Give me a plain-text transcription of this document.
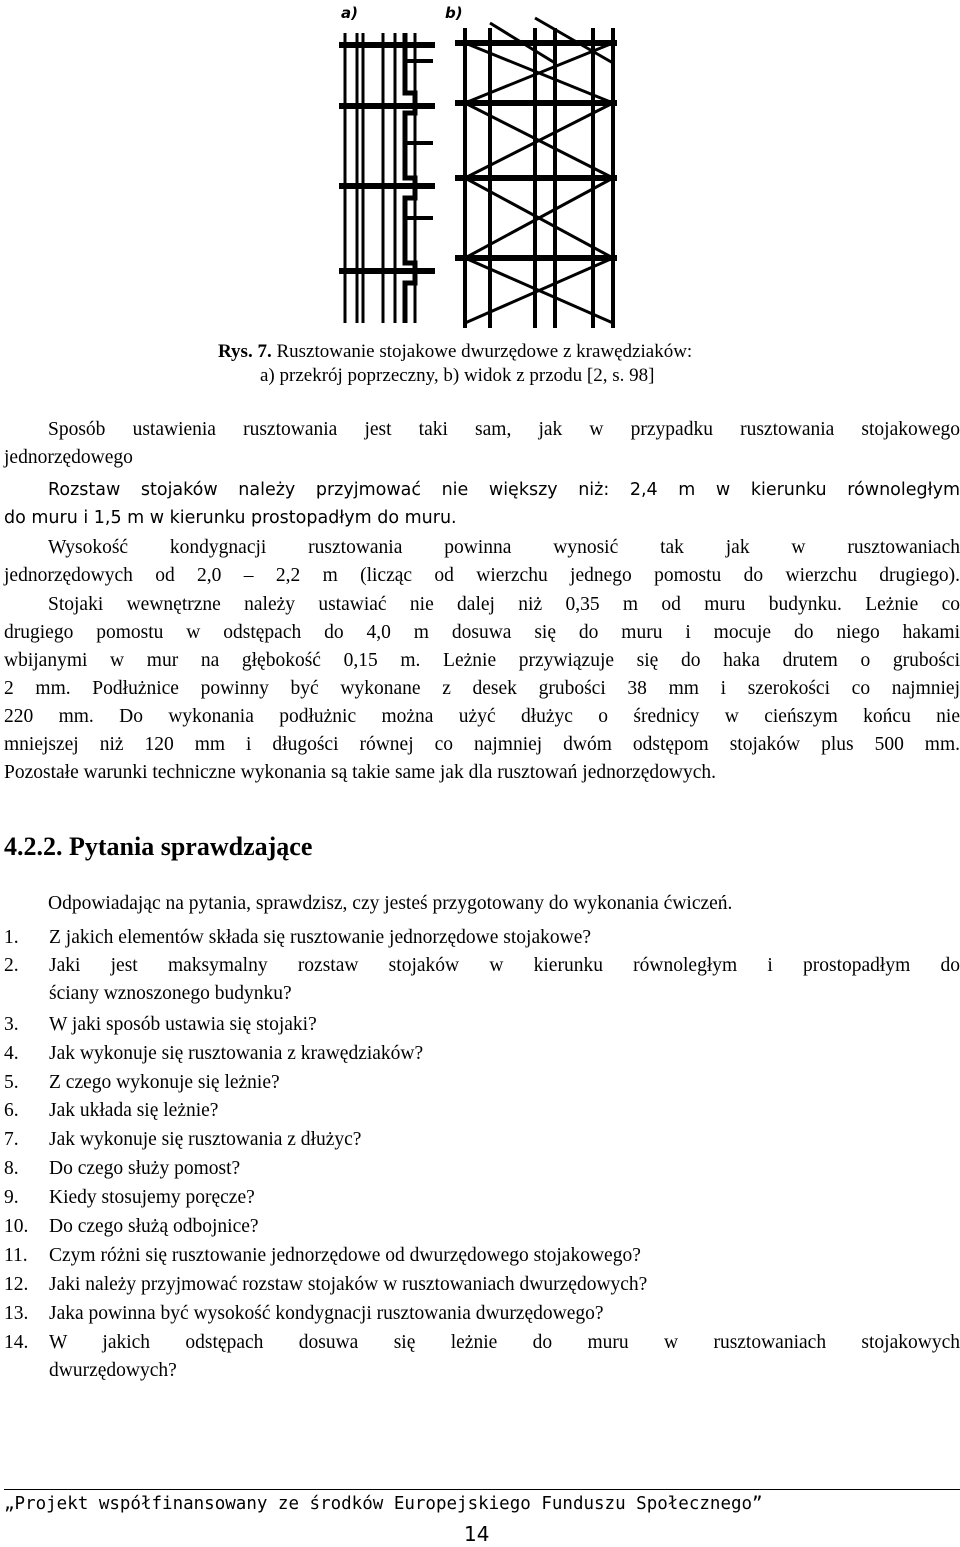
a)	b)
Rys. 7. Rusztowanie stojakowe dwurzędowe z krawędziaków:
a) przekrój poprzeczny, b) widok z przodu [2, s. 98]
Sposób ustawienia rusztowania jest taki sam, jak w przypadku rusztowania stojakowego
jednorzędowego
Rozstaw stojaków należy przyjmować nie większy niż: 2,4 m w kierunku równoległym
do muru i 1,5 m w kierunku prostopadłym do muru.
Wysokość kondygnacji rusztowania powinna wynosić tak jak w rusztowaniach
jednorzędowych od 2,0 – 2,2 m (licząc od wierzchu jednego pomostu do wierzchu drugiego).
Stojaki wewnętrzne należy ustawiać nie dalej niż 0,35 m od muru budynku. Leżnie co
drugiego pomostu w odstępach do 4,0 m dosuwa się do muru i mocuje do niego hakami
wbijanymi w mur na głębokość 0,15 m. Leżnie przywiązuje się do haka drutem o grubości
2 mm. Podłużnice powinny być wykonane z desek grubości 38 mm i szerokości co najmniej
220 mm. Do wykonania podłużnic można użyć dłużyc o średnicy w cieńszym końcu nie
mniejszej niż 120 mm i długości równej co najmniej dwóm odstępom stojaków plus 500 mm.
Pozostałe warunki techniczne wykonania są takie same jak dla rusztowań jednorzędowych.
4.2.2. Pytania sprawdzające
Odpowiadając na pytania, sprawdzisz, czy jesteś przygotowany do wykonania ćwiczeń.
1. Z jakich elementów składa się rusztowanie jednorzędowe stojakowe?
2. Jaki jest maksymalny rozstaw stojaków w kierunku równoległym i prostopadłym do
ściany wznoszonego budynku?
3. W jaki sposób ustawia się stojaki?
4. Jak wykonuje się rusztowania z krawędziaków?
5. Z czego wykonuje się leżnie?
6. Jak układa się leżnie?
7. Jak wykonuje się rusztowania z dłużyc?
8. Do czego służy pomost?
9. Kiedy stosujemy poręcze?
10. Do czego służą odbojnice?
11. Czym różni się rusztowanie jednorzędowe od dwurzędowego stojakowego?
12. Jaki należy przyjmować rozstaw stojaków w rusztowaniach dwurzędowych?
13. Jaka powinna być wysokość kondygnacji rusztowania dwurzędowego?
14. W jakich odstępach dosuwa się leżnie do muru w rusztowaniach stojakowych
dwurzędowych?
„Projekt współfinansowany ze środków Europejskiego Funduszu Społecznego”
14
